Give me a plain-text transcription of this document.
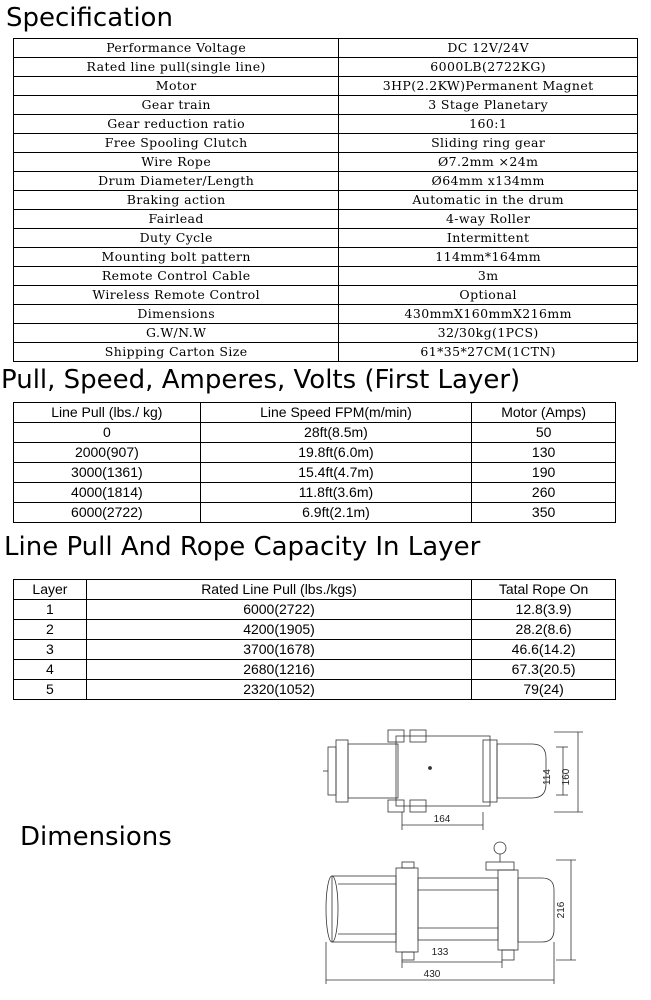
Specification
Performance Voltage	DC 12V/24V
Rated line pull(single line)	6000LB(2722KG)
Motor	3HP(2.2KW)Permanent Magnet
Gear train	3 Stage Planetary
Gear reduction ratio	160:1
Free Spooling Clutch	Sliding ring gear
Wire Rope	Ø7.2mm ×24m
Drum Diameter/Length	Ø64mm x134mm
Braking action	Automatic in the drum
Fairlead	4-way Roller
Duty Cycle	Intermittent
Mounting bolt pattern	114mm*164mm
Remote Control Cable	3m
Wireless Remote Control	Optional
Dimensions	430mmX160mmX216mm
G.W/N.W	32/30kg(1PCS)
Shipping Carton Size	61*35*27CM(1CTN)
Pull, Speed, Amperes, Volts (First Layer)
Line Pull (lbs./ kg)	Line Speed FPM(m/min)	Motor (Amps)
0	28ft(8.5m)	50
2000(907)	19.8ft(6.0m)	130
3000(1361)	15.4ft(4.7m)	190
4000(1814)	11.8ft(3.6m)	260
6000(2722)	6.9ft(2.1m)	350
Line Pull And Rope Capacity In Layer
Layer	Rated Line Pull (lbs./kgs)	Tatal Rope On
1	6000(2722)	12.8(3.9)
2	4200(1905)	28.2(8.6)
3	3700(1678)	46.6(14.2)
4	2680(1216)	67.3(20.5)
5	2320(1052)	79(24)
Dimensions
114 160
164
216
133
430
